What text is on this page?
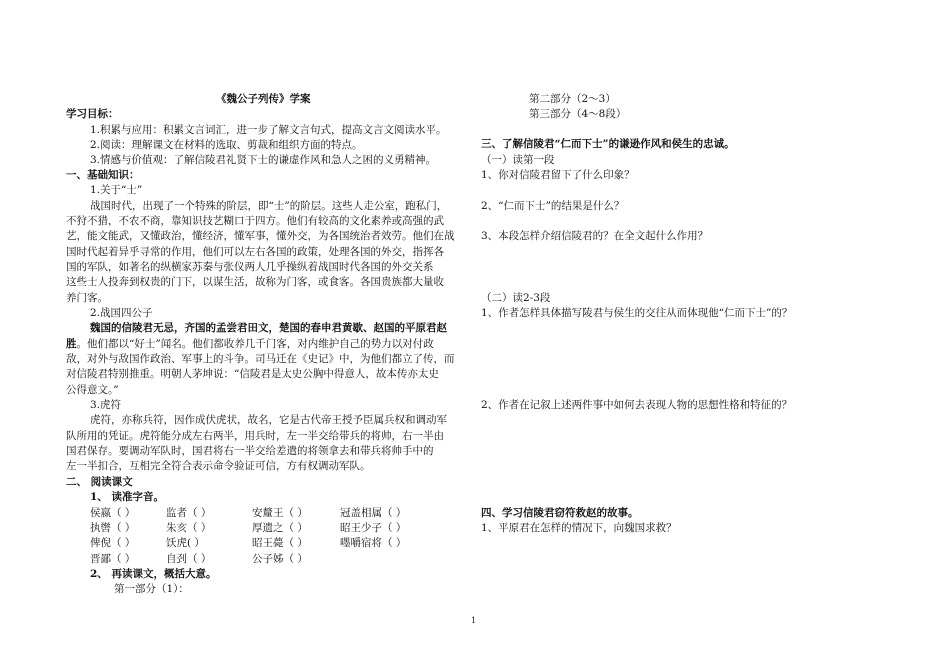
《魏公子列传》学案
学习目标：
1.积累与应用：积累文言词汇，进一步了解文言句式，提高文言文阅读水平。
2.阅读：理解课文在材料的选取、剪裁和组织方面的特点。
3.情感与价值观：了解信陵君礼贤下士的谦虚作风和急人之困的义勇精神。
一、基础知识：
1.关于“士”
战国时代，出现了一个特殊的阶层，即“士”的阶层。这些人走公室，跑私门，
不狩不猎，不农不商，靠知识技艺糊口于四方。他们有较高的文化素养或高强的武
艺，能文能武，又懂政治，懂经济，懂军事，懂外交，为各国统治者效劳。他们在战
国时代起着异乎寻常的作用，他们可以左右各国的政策，处理各国的外交，指挥各
国的军队，如著名的纵横家苏秦与张仪两人几乎操纵着战国时代各国的外交关系
这些士人投奔到权贵的门下，以谋生活，故称为门客，或食客。各国贵族都大量收
养门客。
2.战国四公子
魏国的信陵君无忌，齐国的孟尝君田文，楚国的春申君黄歇、赵国的平原君赵
胜。他们都以“好士”闻名。他们都收养几千门客，对内维护自己的势力以对付政
敌，对外与敌国作政治、军事上的斗争。司马迁在《史记》中，为他们都立了传，而
对信陵君特别推重。明朝人茅坤说：“信陵君是太史公胸中得意人，故本传亦太史
公得意文。”
3.虎符
虎符，亦称兵符，因作成伏虎状，故名，它是古代帝王授予臣属兵权和调动军
队所用的凭证。虎符能分成左右两半，用兵时，左一半交给带兵的将帅，右一半由
国君保存。要调动军队时，国君将右一半交给差遣的将领拿去和带兵将帅手中的
左一半扣合，互相完全符合表示命令验证可信，方有权调动军队。
二、 阅读课文
1、 读准字音。
侯嬴（ ）	监者（ ）	安釐王（ ）	冠盖相属（ ）
执辔（ ）	朱亥（ ）	厚遗之（ ）	昭王少子（ ）
俾倪（ ）	饫虎( ）	昭王薨（ ）	嚜嚼宿将（ ）
晋鄙（ ）	自刭（ ）	公子姊（ ）
2、 再读课文，概括大意。
第一部分（1）：
第二部分（2～3）
第三部分（4～8段）
三、了解信陵君“仁而下士”的谦逊作风和侯生的忠诚。
（一）读第一段
1、你对信陵君留下了什么印象？
2、“仁而下士”的结果是什么？
3、本段怎样介绍信陵君的？在全文起什么作用？
（二）读2-3段
1、作者怎样具体描写陵君与侯生的交往从而体现他“仁而下士”的？
2、作者在记叙上述两件事中如何去表现人物的思想性格和特征的？
四、学习信陵君窃符救赵的故事。
1、平原君在怎样的情况下，向魏国求救？
1
